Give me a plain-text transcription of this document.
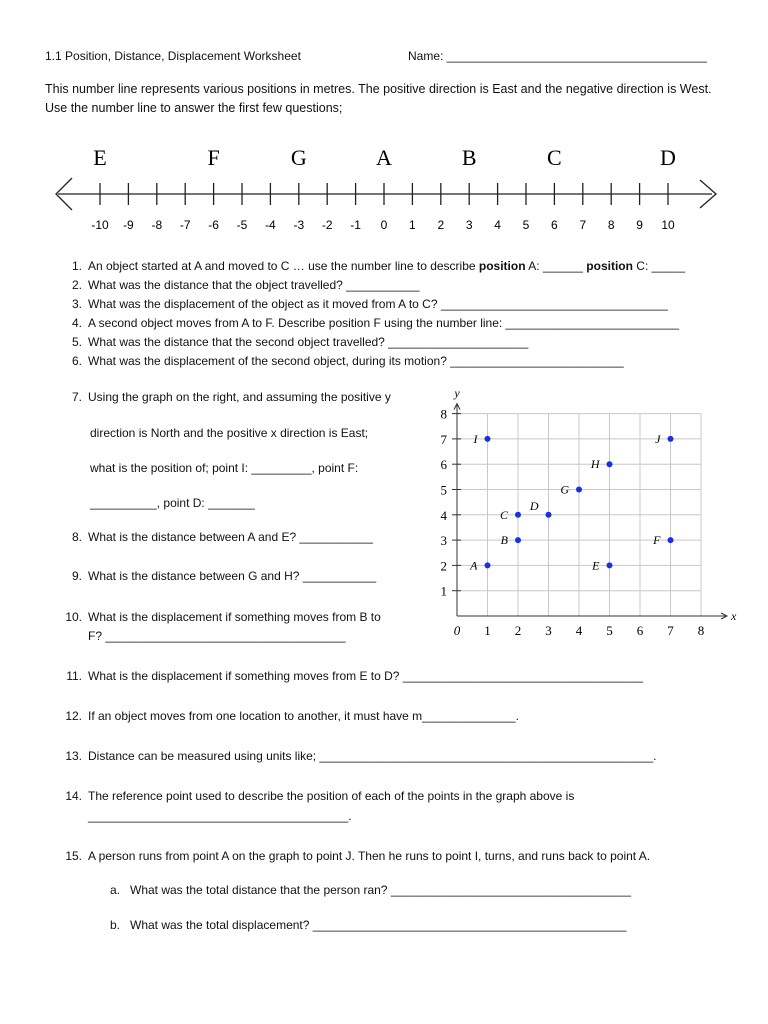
1.1 Position, Distance, Displacement Worksheet	Name: _______________________________________
This number line represents various positions in metres. The positive direction is East and the negative direction is West. Use the number line to answer the first few questions;
-10 -9 -8 -7 -6 -5 -4 -3 -2 -1 0 1 2 3 4 5 6 7 8 9 10
E	F	G	A	B	C	D
1. An object started at A and moved to C … use the number line to describe position A: ______ position C: _____
2. What was the distance that the object travelled? ___________
3. What was the displacement of the object as it moved from A to C? __________________________________
4. A second object moves from A to F. Describe position F using the number line: __________________________
5. What was the distance that the second object travelled? _____________________
6. What was the displacement of the second object, during its motion? __________________________
7. Using the graph on the right, and assuming the positive y
direction is North and the positive x direction is East;
what is the position of; point I: _________, point F:
__________, point D: _______
8. What is the distance between A and E? ___________
9. What is the distance between G and H? ___________
10. What is the displacement if something moves from B to
F? ____________________________________
1
2
3
4
5
6
7
8
0 1 2 3 4 5 6 7 8
x
y
A
B
C
D
E
F
G
H
I	J
11. What is the displacement if something moves from E to D? ____________________________________
12. If an object moves from one location to another, it must have m______________.
13. Distance can be measured using units like; __________________________________________________.
14. The reference point used to describe the position of each of the points in the graph above is
_______________________________________.
15. A person runs from point A on the graph to point J. Then he runs to point I, turns, and runs back to point A.
a. What was the total distance that the person ran? ____________________________________
b. What was the total displacement? _______________________________________________
